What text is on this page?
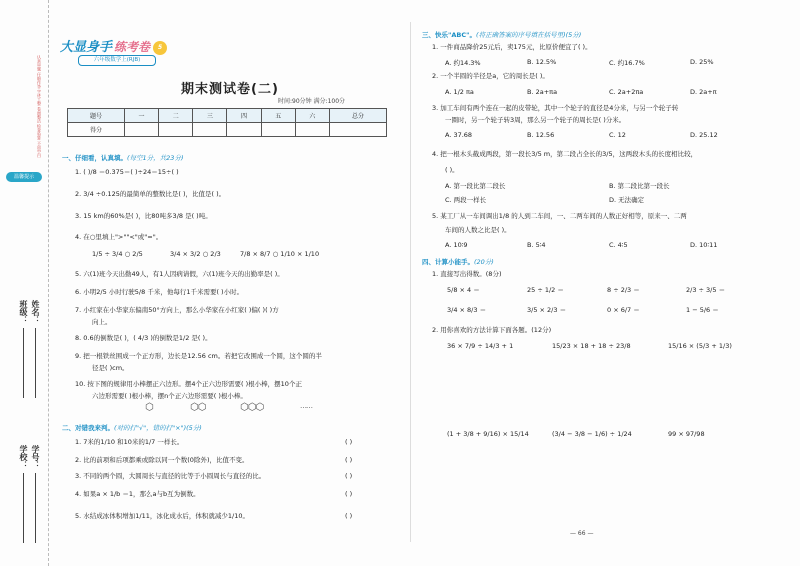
认真审题 仔细作答 字迹工整 卷面整洁 检查验算 不留空白
温馨提示
班级： 姓名：
学校： 学号：
大显身手 练考卷 5
六年级数学上(RJB)
期末测试卷(二)
时间:90分钟 满分:100分
题号	一	二	三	四	五	六	总分
得分							
一、仔细看，认真填。(每空1分，共23分)
1. ( )/8 ＝0.375＝( )÷24＝15÷( )
2. 3/4 ÷0.125的最简单的整数比是( )，比值是( )。
3. 15 km的60%是( )，比80吨多3/8 是( )吨。
4. 在○里填上">""<"或"="。
1/5 ÷ 3/4 ○ 2/5	3/4 × 3/2 ○ 2/3	7/8 × 8/7 ○ 1/10 × 1/10
5. 六(1)班今天出勤49人，有1人因病请假，六(1)班今天的出勤率是( )。
6. 小明2/5 小时行驶5/8 千米，他每行1千米需要( )小时。
7. 小红家在小华家东偏南50°方向上，那么小华家在小红家( )偏( )( )方
向上。
8. 0.6的倒数是( )，( 4/3 )的倒数是1/2 是( )。
9. 把一根铁丝围成一个正方形，边长是12.56 cm。若把它改围成一个圆，这个圆的半
径是( )cm。
10. 按下图的规律用小棒摆正六边形。摆4个正六边形需要( )根小棒，摆10个正
六边形需要( )根小棒，摆n个正六边形需要( )根小棒。
⬡	⬡⬡	⬡⬡⬡	……
二、对错我来判。(对的打"√"，错的打"×")(5分)
1. 7米的1/10 和10米的1/7 一样长。
2. 比的前项和后项都乘或除以同一个数(0除外)，比值不变。
3. 不同的两个圆，大圆周长与直径的比等于小圆周长与直径的比。
4. 如果a × 1/b ＝1，那么a与b互为倒数。
5. 水结成冰体积增加1/11，冰化成水后，体积就减少1/10。
( )
( )
( )
( )
( )
三、快乐"ABC"。(将正确答案的序号填在括号里)(5分)
1. 一件商品降价25元后，卖175元，比原价便宜了( )。
A. 约14.3%	B. 12.5%	C. 约16.7%	D. 25%
2. 一个半圆的半径是a，它的周长是( )。
A. 1/2 πa	B. 2a+πa	C. 2a+2πa	D. 2a+π
3. 加工车间有两个连在一起的皮带轮，其中一个轮子的直径是4分米，与另一个轮子转
一圈时，另一个轮子转3周，那么另一个轮子的周长是( )分米。
A. 37.68	B. 12.56	C. 12	D. 25.12
4. 把一根木头截成两段，第一段长3/5 m，第二段占全长的3/5，这两段木头的长度相比较，
( )。
A. 第一段比第二段长	B. 第二段比第一段长
C. 两段一样长	D. 无法确定
5. 某工厂从一车间调出1/8 的人到二车间，一、二两车间的人数正好相等，原来一、二两
车间的人数之比是( )。
A. 10∶9	B. 5∶4	C. 4∶5	D. 10∶11
四、计算小能手。(20分)
1. 直接写出得数。(8分)
5/8 × 4 ＝	25 ÷ 1/2 ＝	8 ÷ 2/3 ＝	2/3 ÷ 3/5 ＝
3/4 × 8/3 ＝	3/5 × 2/3 ＝	0 × 6/7 ＝	1 − 5/6 ＝
2. 用你喜欢的方法计算下面各题。(12分)
36 × 7/9 ÷ 14/3 + 1	15/23 × 18 + 18 ÷ 23/8	15/16 × (5/3 + 1/3)
(1 + 3/8 + 9/16) × 15/14	(3/4 − 3/8 − 1/6) ÷ 1/24	99 × 97/98
— 66 —
